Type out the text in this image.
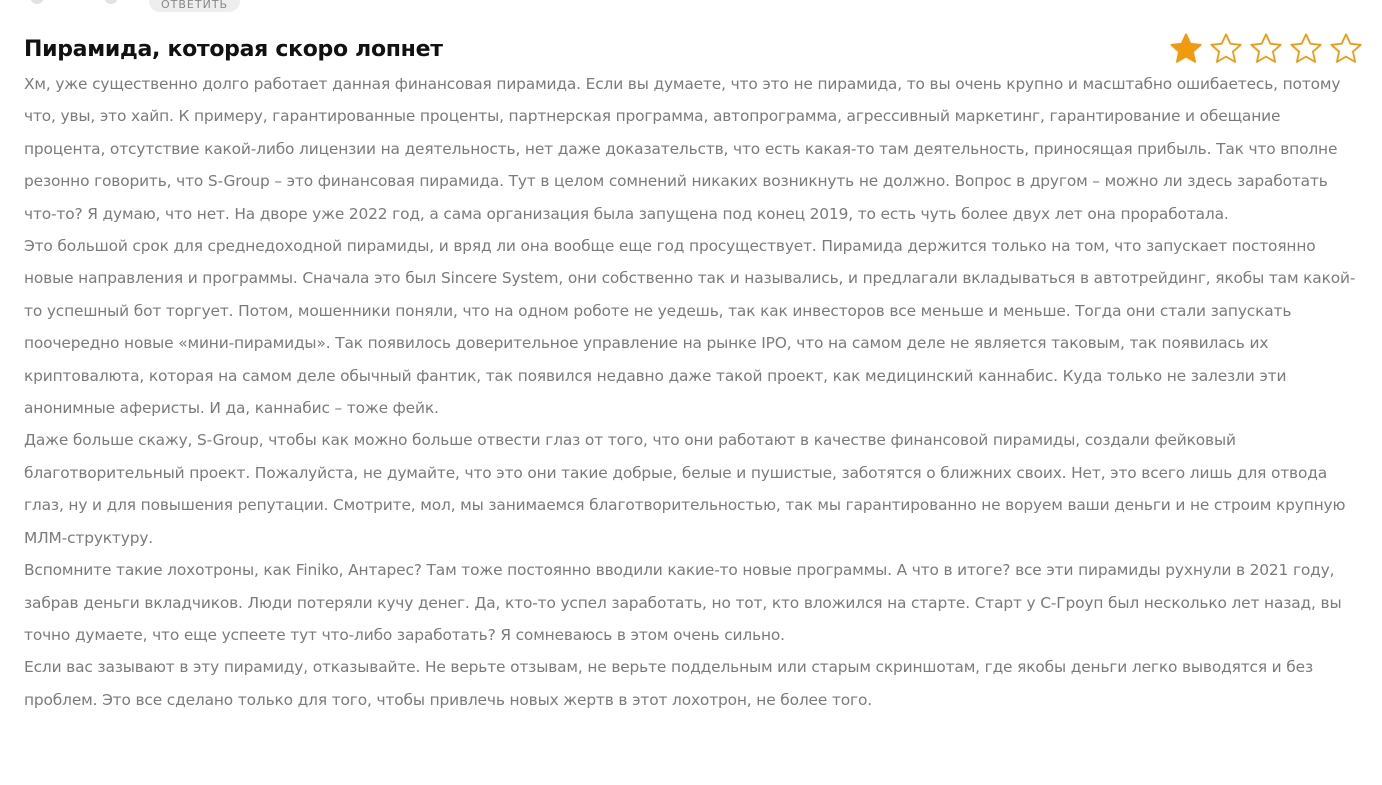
ОТВЕТИТЬ
Пирамида, которая скоро лопнет

Хм, уже существенно долго работает данная финансовая пирамида. Если вы думаете, что это не пирамида, то вы очень крупно и масштабно ошибаетесь, потому что, увы, это хайп. К примеру, гарантированные проценты, партнерская программа, автопрограмма, агрессивный маркетинг, гарантирование и обещание процента, отсутствие какой-либо лицензии на деятельность, нет даже доказательств, что есть какая-то там деятельность, приносящая прибыль. Так что вполне резонно говорить, что S-Group – это финансовая пирамида. Тут в целом сомнений никаких возникнуть не должно. Вопрос в другом – можно ли здесь заработать что-то? Я думаю, что нет. На дворе уже 2022 год, а сама организация была запущена под конец 2019, то есть чуть более двух лет она проработала.

Это большой срок для среднедоходной пирамиды, и вряд ли она вообще еще год просуществует. Пирамида держится только на том, что запускает постоянно новые направления и программы. Сначала это был Sincere System, они собственно так и назывались, и предлагали вкладываться в автотрейдинг, якобы там какой-то успешный бот торгует. Потом, мошенники поняли, что на одном роботе не уедешь, так как инвесторов все меньше и меньше. Тогда они стали запускать поочередно новые «мини-пирамиды». Так появилось доверительное управление на рынке IPO, что на самом деле не является таковым, так появилась их криптовалюта, которая на самом деле обычный фантик, так появился недавно даже такой проект, как медицинский каннабис. Куда только не залезли эти анонимные аферисты. И да, каннабис – тоже фейк.

Даже больше скажу, S-Group, чтобы как можно больше отвести глаз от того, что они работают в качестве финансовой пирамиды, создали фейковый благотворительный проект. Пожалуйста, не думайте, что это они такие добрые, белые и пушистые, заботятся о ближних своих. Нет, это всего лишь для отвода глаз, ну и для повышения репутации. Смотрите, мол, мы занимаемся благотворительностью, так мы гарантированно не воруем ваши деньги и не строим крупную МЛМ-структуру.

Вспомните такие лохотроны, как Finiko, Антарес? Там тоже постоянно вводили какие-то новые программы. А что в итоге? все эти пирамиды рухнули в 2021 году, забрав деньги вкладчиков. Люди потеряли кучу денег. Да, кто-то успел заработать, но тот, кто вложился на старте. Старт у С-Гроуп был несколько лет назад, вы точно думаете, что еще успеете тут что-либо заработать? Я сомневаюсь в этом очень сильно.

Если вас зазывают в эту пирамиду, отказывайте. Не верьте отзывам, не верьте поддельным или старым скриншотам, где якобы деньги легко выводятся и без проблем. Это все сделано только для того, чтобы привлечь новых жертв в этот лохотрон, не более того.
